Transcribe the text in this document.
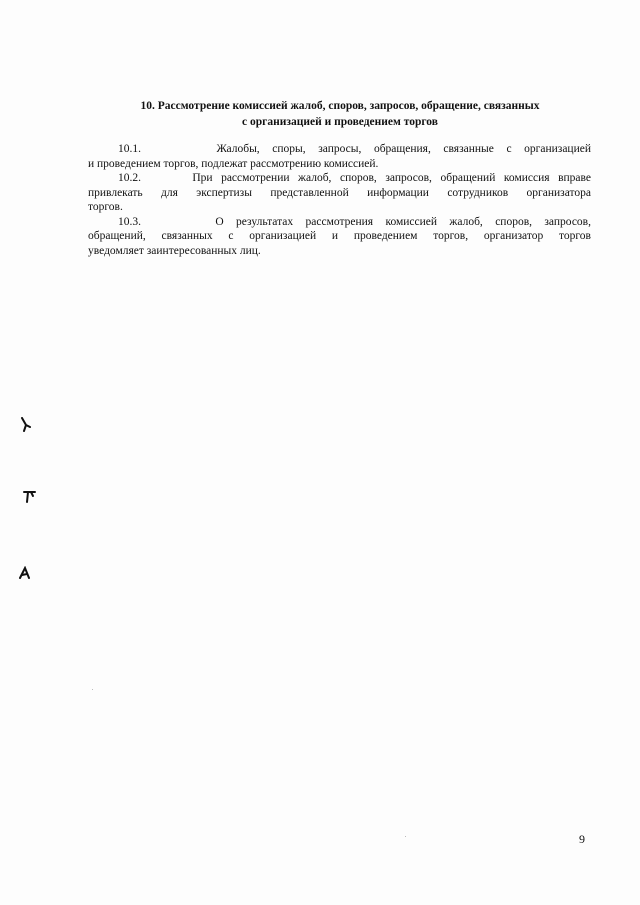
10. Рассмотрение комиссией жалоб, споров, запросов, обращение, связанных
с организацией и проведением торгов
10.1.      Жалобы, споры, запросы, обращения, связанные с организацией
и проведением торгов, подлежат рассмотрению комиссией.
10.2.      При рассмотрении жалоб, споров, запросов, обращений комиссия вправе
привлекать для экспертизы представленной информации сотрудников организатора
торгов.
10.3.      О результатах рассмотрения комиссией жалоб, споров, запросов,
обращений, связанных с организацией и проведением торгов, организатор торгов
уведомляет заинтересованных лиц.
9
